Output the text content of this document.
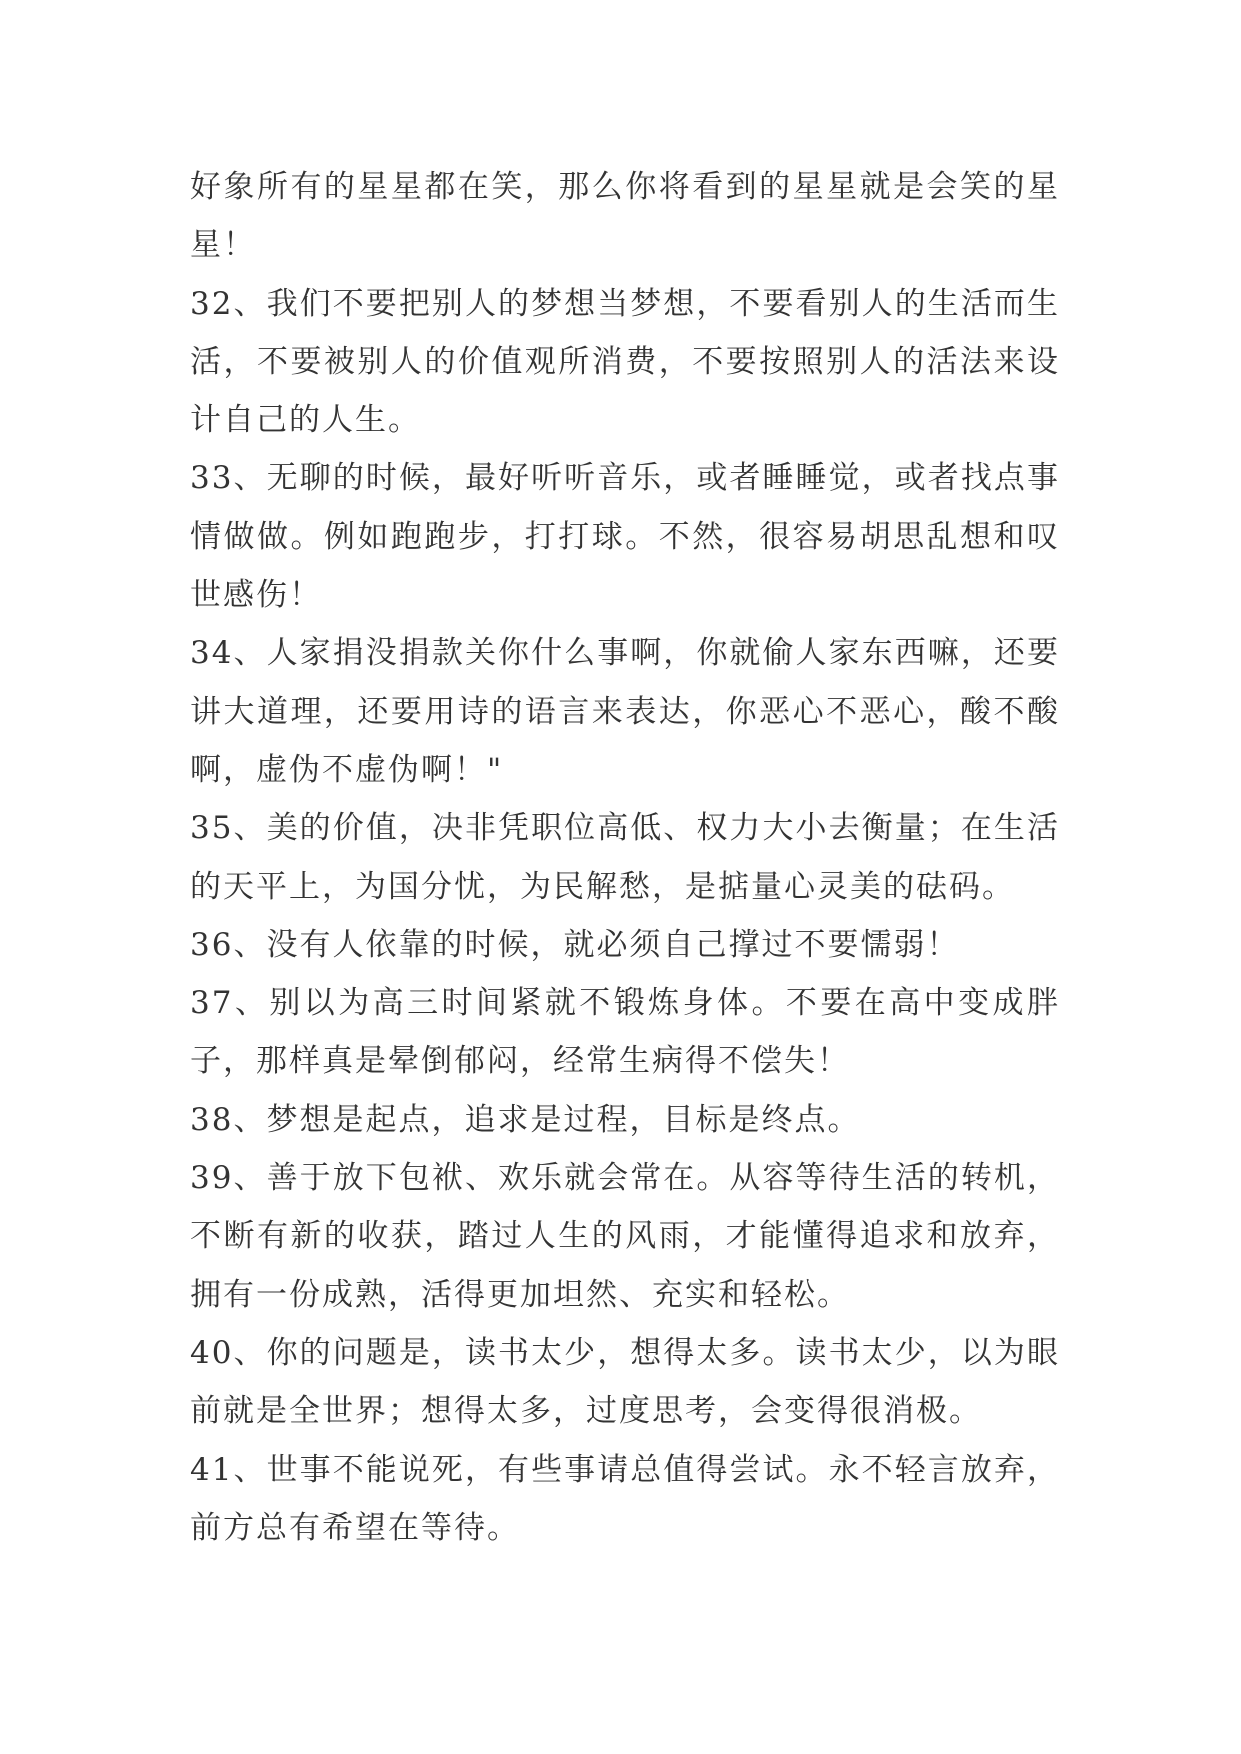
好象所有的星星都在笑，那么你将看到的星星就是会笑的星星！

32、我们不要把别人的梦想当梦想，不要看别人的生活而生活，不要被别人的价值观所消费，不要按照别人的活法来设计自己的人生。

33、无聊的时候，最好听听音乐，或者睡睡觉，或者找点事情做做。例如跑跑步，打打球。不然，很容易胡思乱想和叹世感伤！

34、人家捐没捐款关你什么事啊，你就偷人家东西嘛，还要讲大道理，还要用诗的语言来表达，你恶心不恶心，酸不酸啊，虚伪不虚伪啊！"

35、美的价值，决非凭职位高低、权力大小去衡量；在生活的天平上，为国分忧，为民解愁，是掂量心灵美的砝码。

36、没有人依靠的时候，就必须自己撑过不要懦弱！

37、别以为高三时间紧就不锻炼身体。不要在高中变成胖子，那样真是晕倒郁闷，经常生病得不偿失！

38、梦想是起点，追求是过程，目标是终点。

39、善于放下包袱、欢乐就会常在。从容等待生活的转机，不断有新的收获，踏过人生的风雨，才能懂得追求和放弃，拥有一份成熟，活得更加坦然、充实和轻松。

40、你的问题是，读书太少，想得太多。读书太少，以为眼前就是全世界；想得太多，过度思考，会变得很消极。

41、世事不能说死，有些事请总值得尝试。永不轻言放弃，前方总有希望在等待。
